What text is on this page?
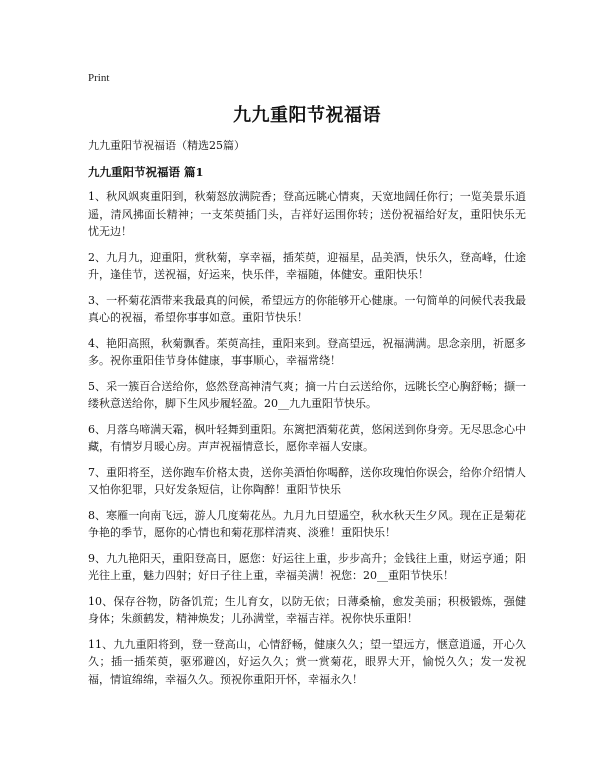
Print
九九重阳节祝福语
九九重阳节祝福语（精选25篇）
九九重阳节祝福语 篇1
1、秋风飒爽重阳到，秋菊怒放满院香；登高远眺心情爽，天宽地阔任你行；一览美景乐逍遥，清风拂面长精神；一支茱萸插门头，吉祥好运围你转；送份祝福给好友，重阳快乐无忧无边！
2、九月九，迎重阳，赏秋菊，享幸福，插茱萸，迎福星，品美酒，快乐久，登高峰，仕途升，逢佳节，送祝福，好运来，快乐伴，幸福随，体健安。重阳快乐！
3、一杯菊花酒带来我最真的问候，希望远方的你能够开心健康。一句简单的问候代表我最真心的祝福，希望你事事如意。重阳节快乐！
4、艳阳高照，秋菊飘香。茱萸高挂，重阳来到。登高望远，祝福满满。思念亲朋，祈愿多多。祝你重阳佳节身体健康，事事顺心，幸福常绕！
5、采一簇百合送给你，悠然登高神清气爽；摘一片白云送给你，远眺长空心胸舒畅；撷一缕秋意送给你，脚下生风步履轻盈。20__九九重阳节快乐。
6、月落乌啼满天霜，枫叶轻舞到重阳。东篱把酒菊花黄，悠闲送到你身旁。无尽思念心中藏，有情岁月暖心房。声声祝福情意长，愿你幸福人安康。
7、重阳将至，送你跑车价格太贵，送你美酒怕你喝醉，送你玫瑰怕你误会，给你介绍情人又怕你犯罪，只好发条短信，让你陶醉！重阳节快乐
8、寒雁一向南飞远，游人几度菊花丛。九月九日望遥空，秋水秋天生夕风。现在正是菊花争艳的季节，愿你的心情也和菊花那样清爽、淡雅！重阳快乐！
9、九九艳阳天，重阳登高日，愿您：好运往上重，步步高升；金钱往上重，财运亨通；阳光往上重，魅力四射；好日子往上重，幸福美满！祝您：20__重阳节快乐！
10、保存谷物，防备饥荒；生儿育女，以防无依；日薄桑榆，愈发美丽；积极锻炼，强健身体；朱颜鹤发，精神焕发；儿孙满堂，幸福吉祥。祝你快乐重阳！
11、九九重阳将到，登一登高山，心情舒畅，健康久久；望一望远方，惬意逍遥，开心久久；插一插茱萸，驱邪避凶，好运久久；赏一赏菊花，眼界大开，愉悦久久；发一发祝福，情谊绵绵，幸福久久。预祝你重阳开怀，幸福永久！
